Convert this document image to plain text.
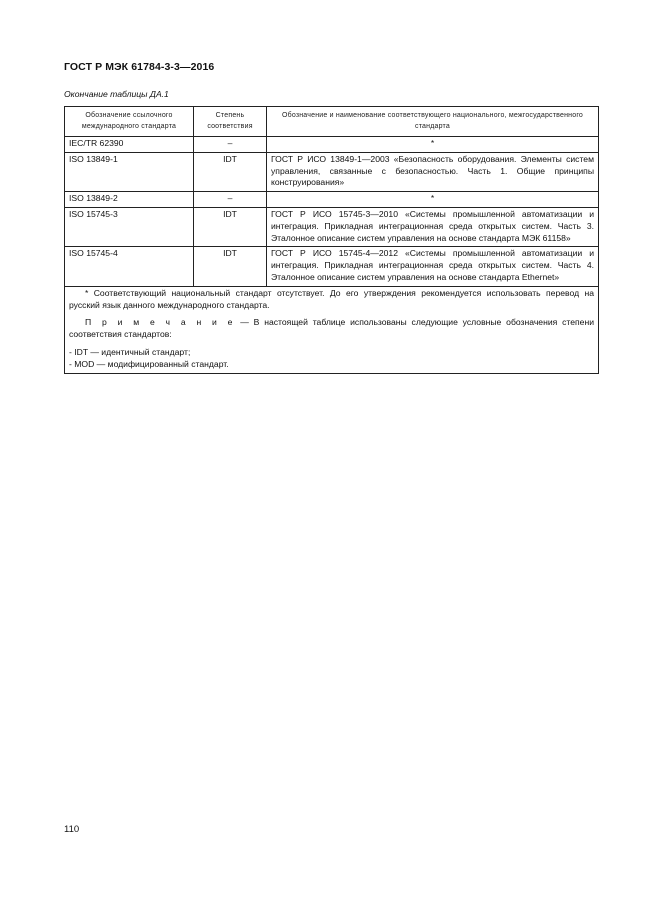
ГОСТ Р МЭК 61784-3-3—2016
Окончание таблицы ДА.1
Обозначение ссылочного международного стандарта	Степень соответствия	Обозначение и наименование соответствующего национального, межгосударственного стандарта
IEC/TR 62390	–	*
ISO 13849-1	IDT	ГОСТ Р ИСО 13849-1—2003 «Безопасность оборудования. Элементы систем управления, связанные с безопасностью. Часть 1. Общие принципы конструирования»
ISO 13849-2	–	*
ISO 15745-3	IDT	ГОСТ Р ИСО 15745-3—2010 «Системы промышленной автоматизации и интеграция. Прикладная интеграционная среда открытых систем. Часть 3. Эталонное описание систем управления на основе стандарта МЭК 61158»
ISO 15745-4	IDT	ГОСТ Р ИСО 15745-4—2012 «Системы промышленной автоматизации и интеграция. Прикладная интеграционная среда открытых систем. Часть 4. Эталонное описание систем управления на основе стандарта Ethernet»

* Соответствующий национальный стандарт отсутствует. До его утверждения рекомендуется использовать перевод на русский язык данного международного стандарта.

П р и м е ч а н и е — В настоящей таблице использованы следующие условные обозначения степени соответствия стандартов:

- IDT — идентичный стандарт;

- MOD — модифицированный стандарт.		

110
